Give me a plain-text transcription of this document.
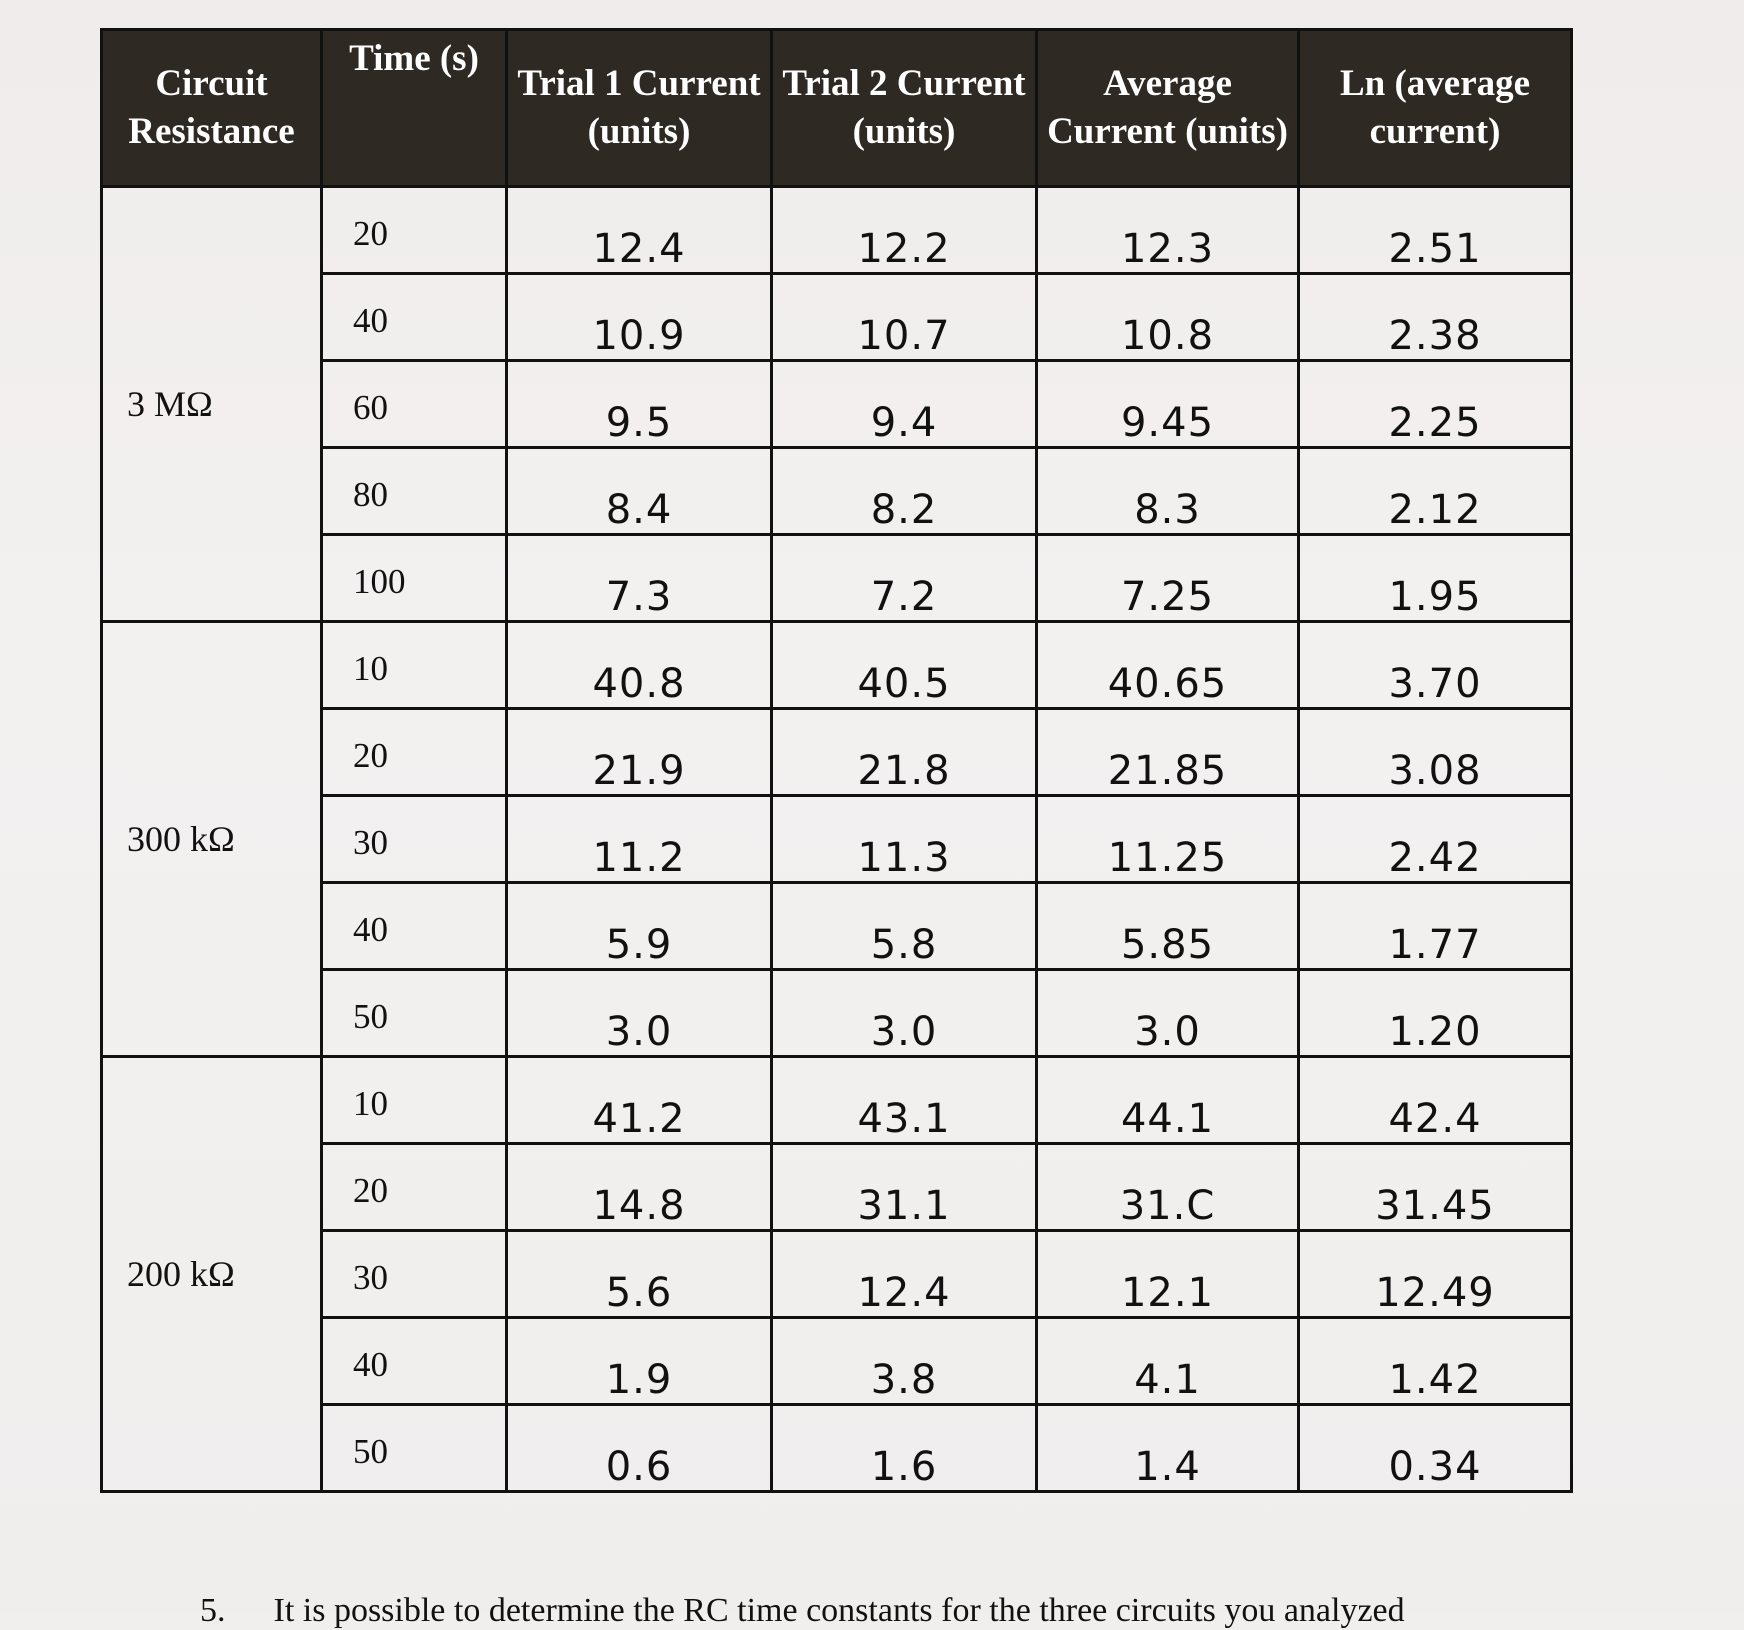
Circuit Resistance	Time (s)	Trial 1 Current (units)	Trial 2 Current (units)	Average Current (units)	Ln (average current)
3 MΩ	20	12.4	12.2	12.3	2.51

	40	10.9	10.7	10.8	2.38

	60	9.5	9.4	9.45	2.25

	80	8.4	8.2	8.3	2.12

	100	7.3	7.2	7.25	1.95

300 kΩ	10	40.8	40.5	40.65	3.70

	20	21.9	21.8	21.85	3.08

	30	11.2	11.3	11.25	2.42

	40	5.9	5.8	5.85	1.77

	50	3.0	3.0	3.0	1.20

200 kΩ	10	41.2	43.1	44.1	42.4

	20	14.8	31.1	31.C	31.45

	30	5.6	12.4	12.1	12.49

	40	1.9	3.8	4.1	1.42

	50	0.6	1.6	1.4	0.34
5. It is possible to determine the RC time constants for the three circuits you analyzed
